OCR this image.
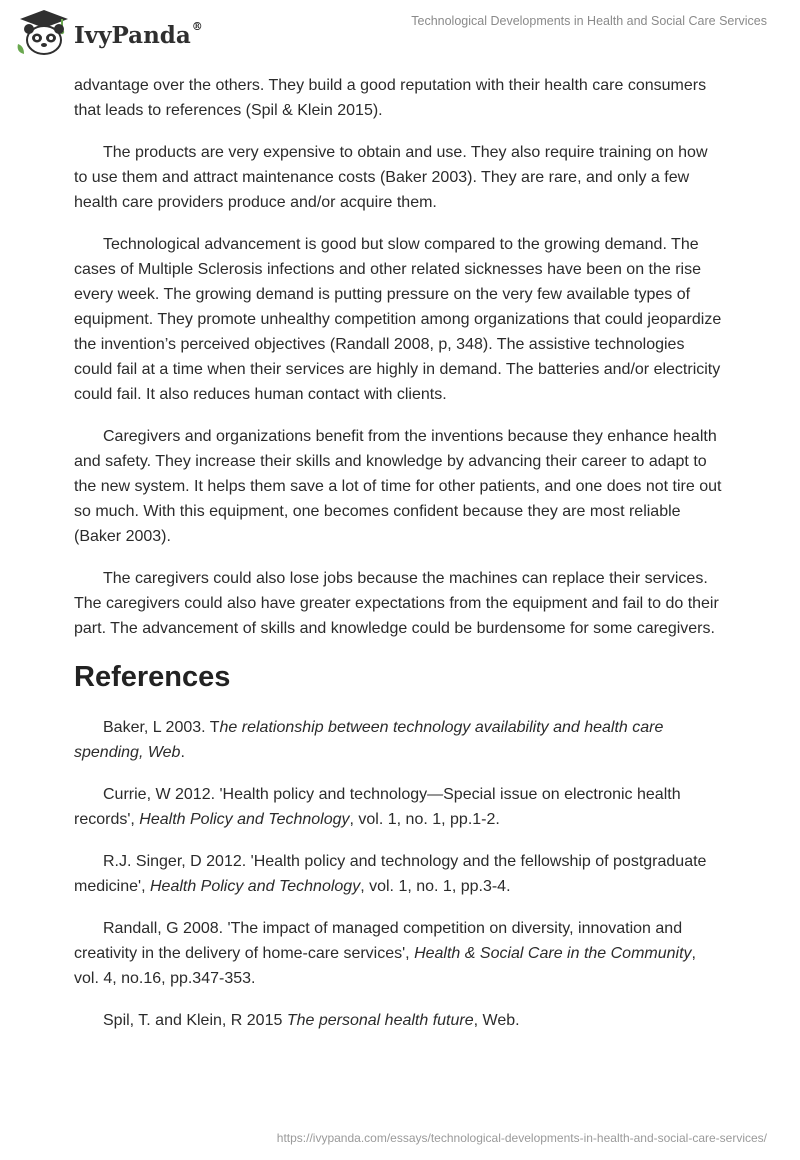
IvyPanda®	Technological Developments in Health and Social Care Services

advantage over the others. They build a good reputation with their health care consumers that leads to references (Spil & Klein 2015).

The products are very expensive to obtain and use. They also require training on how to use them and attract maintenance costs (Baker 2003). They are rare, and only a few health care providers produce and/or acquire them.

Technological advancement is good but slow compared to the growing demand. The cases of Multiple Sclerosis infections and other related sicknesses have been on the rise every week. The growing demand is putting pressure on the very few available types of equipment. They promote unhealthy competition among organizations that could jeopardize the invention’s perceived objectives (Randall 2008, p, 348). The assistive technologies could fail at a time when their services are highly in demand. The batteries and/or electricity could fail. It also reduces human contact with clients.

Caregivers and organizations benefit from the inventions because they enhance health and safety. They increase their skills and knowledge by advancing their career to adapt to the new system. It helps them save a lot of time for other patients, and one does not tire out so much. With this equipment, one becomes confident because they are most reliable (Baker 2003).

The caregivers could also lose jobs because the machines can replace their services. The caregivers could also have greater expectations from the equipment and fail to do their part. The advancement of skills and knowledge could be burdensome for some caregivers.

References

Baker, L 2003. The relationship between technology availability and health care spending, Web.

Currie, W 2012. 'Health policy and technology—Special issue on electronic health records', Health Policy and Technology, vol. 1, no. 1, pp.1-2.

R.J. Singer, D 2012. 'Health policy and technology and the fellowship of postgraduate medicine', Health Policy and Technology, vol. 1, no. 1, pp.3-4.

Randall, G 2008. 'The impact of managed competition on diversity, innovation and creativity in the delivery of home-care services', Health & Social Care in the Community, vol. 4, no.16, pp.347-353.

Spil, T. and Klein, R 2015 The personal health future, Web.

https://ivypanda.com/essays/technological-developments-in-health-and-social-care-services/
